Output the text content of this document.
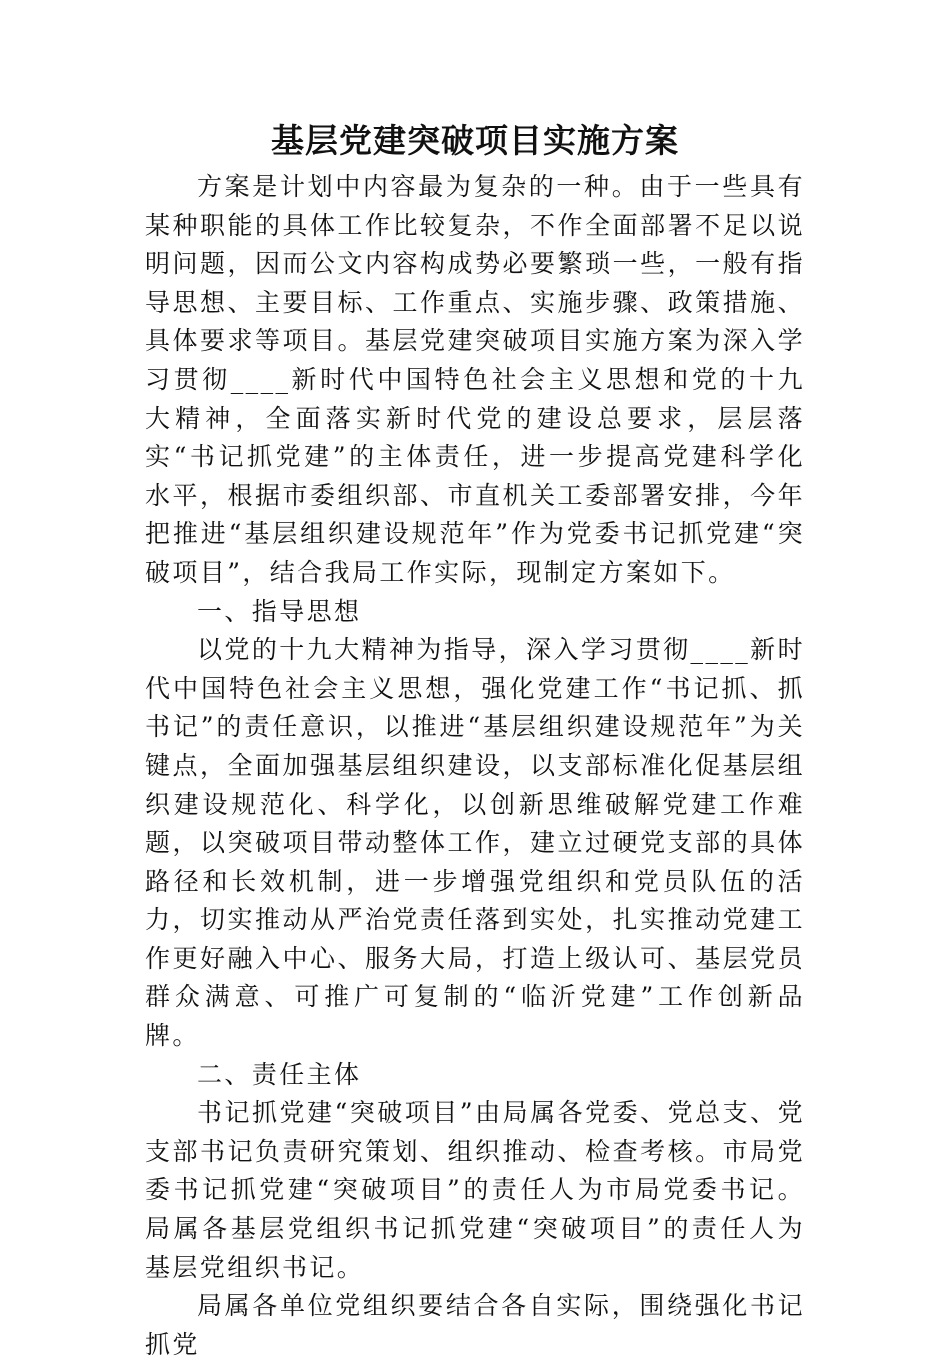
基层党建突破项目实施方案

方案是计划中内容最为复杂的一种。由于一些具有某种职能的具体工作比较复杂，不作全面部署不足以说明问题，因而公文内容构成势必要繁琐一些，一般有指导思想、主要目标、工作重点、实施步骤、政策措施、具体要求等项目。基层党建突破项目实施方案为深入学习贯彻____新时代中国特色社会主义思想和党的十九大精神，全面落实新时代党的建设总要求，层层落实“书记抓党建”的主体责任，进一步提高党建科学化水平，根据市委组织部、市直机关工委部署安排，今年把推进“基层组织建设规范年”作为党委书记抓党建“突破项目”，结合我局工作实际，现制定方案如下。

一、指导思想

以党的十九大精神为指导，深入学习贯彻____新时代中国特色社会主义思想，强化党建工作“书记抓、抓书记”的责任意识，以推进“基层组织建设规范年”为关键点，全面加强基层组织建设，以支部标准化促基层组织建设规范化、科学化，以创新思维破解党建工作难题，以突破项目带动整体工作，建立过硬党支部的具体路径和长效机制，进一步增强党组织和党员队伍的活力，切实推动从严治党责任落到实处，扎实推动党建工作更好融入中心、服务大局，打造上级认可、基层党员群众满意、可推广可复制的“临沂党建”工作创新品牌。

二、责任主体

书记抓党建“突破项目”由局属各党委、党总支、党支部书记负责研究策划、组织推动、检查考核。市局党委书记抓党建“突破项目”的责任人为市局党委书记。局属各基层党组织书记抓党建“突破项目”的责任人为基层党组织书记。

局属各单位党组织要结合各自实际，围绕强化书记抓党
